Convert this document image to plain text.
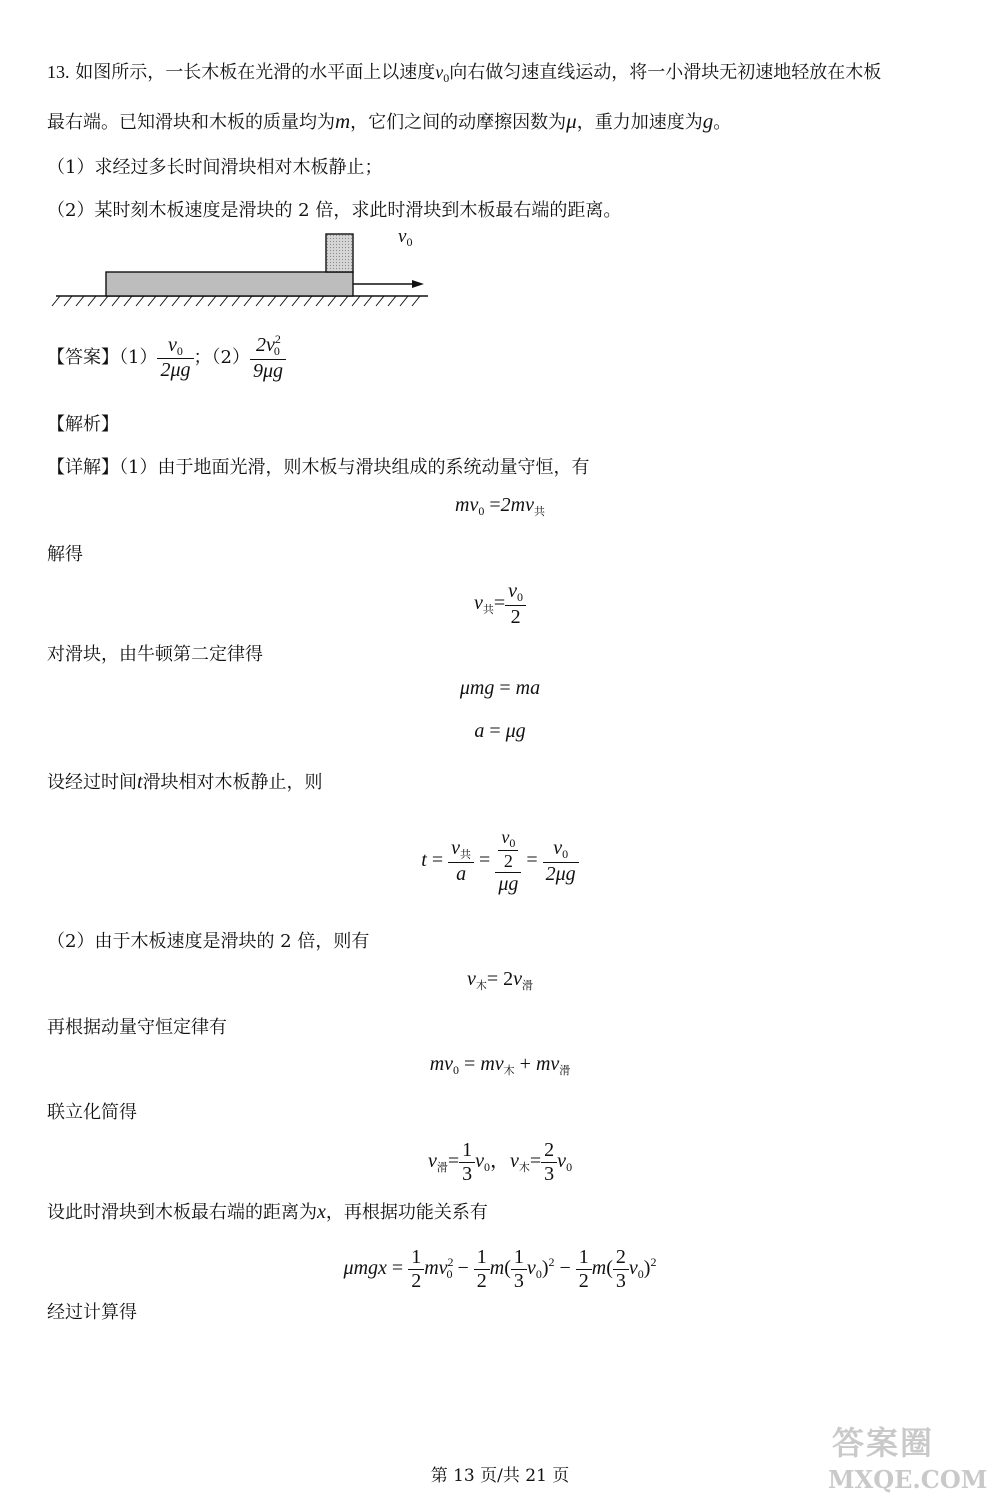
13. 如图所示，一长木板在光滑的水平面上以速度$v_0$向右做匀速直线运动，将一小滑块无初速地轻放在木板
最右端。已知滑块和木板的质量均为m，它们之间的动摩擦因数为μ，重力加速度为g。
（1）求经过多长时间滑块相对木板静止；
（2）某时刻木板速度是滑块的 2 倍，求此时滑块到木板最右端的距离。
$v_0$
【答案】$(1) \frac{v_0}{2\mu g}$ ；$(2) \frac{2v^2_0}{9\mu g}$
【解析】
【详解】（1）由于地面光滑，则木板与滑块组成的系统动量守恒，有
$mv_0 =2mv_共$
解得
$v_共= \frac{v_0}{2}$
对滑块，由牛顿第二定律得
μmg = ma
a = μg
设经过时间t滑块相对木板静止，则
$t = \frac{v_共}{a} = \frac{\frac{v_0}{2}}{\mu g} = \frac{v_0}{2\mu g}$
（2）由于木板速度是滑块的 2 倍，则有
$v_木= 2v_滑$
再根据动量守恒定律有
$mv_0 = mv_木 + mv_滑$
联立化简得
$v_滑= \frac{1}{3} v_0$，$v_木= \frac{2}{3} v_0$
设此时滑块到木板最右端的距离为x，再根据功能关系有
$\mu mgx = \frac{1}{2} mv^2_0 - \frac{1}{2} m( \frac{1}{3} v_0)^2 - \frac{1}{2} m( \frac{2}{3} v_0)^2$
经过计算得
第 13 页/共 21 页
答案圈
MXQE.COM
